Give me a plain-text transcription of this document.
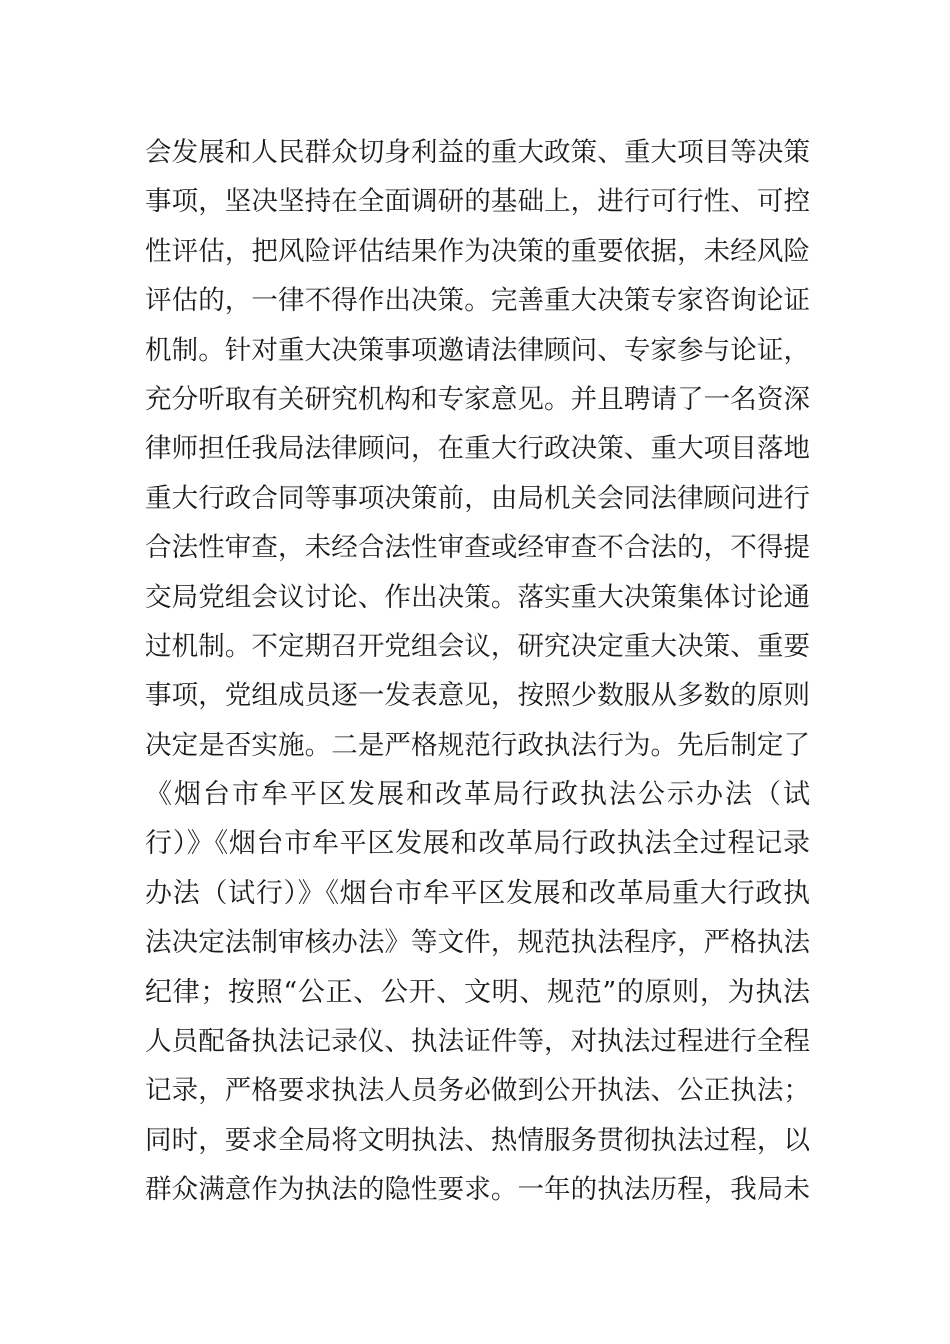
会发展和人民群众切身利益的重大政策、重大项目等决策
事项，坚决坚持在全面调研的基础上，进行可行性、可控
性评估，把风险评估结果作为决策的重要依据，未经风险
评估的，一律不得作出决策。完善重大决策专家咨询论证
机制。针对重大决策事项邀请法律顾问、专家参与论证，
充分听取有关研究机构和专家意见。并且聘请了一名资深
律师担任我局法律顾问，在重大行政决策、重大项目落地
重大行政合同等事项决策前，由局机关会同法律顾问进行
合法性审查，未经合法性审查或经审查不合法的，不得提
交局党组会议讨论、作出决策。落实重大决策集体讨论通
过机制。不定期召开党组会议，研究决定重大决策、重要
事项，党组成员逐一发表意见，按照少数服从多数的原则
决定是否实施。二是严格规范行政执法行为。先后制定了
《烟台市牟平区发展和改革局行政执法公示办法（试
行）》《烟台市牟平区发展和改革局行政执法全过程记录
办法（试行）》《烟台市牟平区发展和改革局重大行政执
法决定法制审核办法》等文件，规范执法程序，严格执法
纪律；按照“公正、公开、文明、规范”的原则，为执法
人员配备执法记录仪、执法证件等，对执法过程进行全程
记录，严格要求执法人员务必做到公开执法、公正执法；
同时，要求全局将文明执法、热情服务贯彻执法过程，以
群众满意作为执法的隐性要求。一年的执法历程，我局未
